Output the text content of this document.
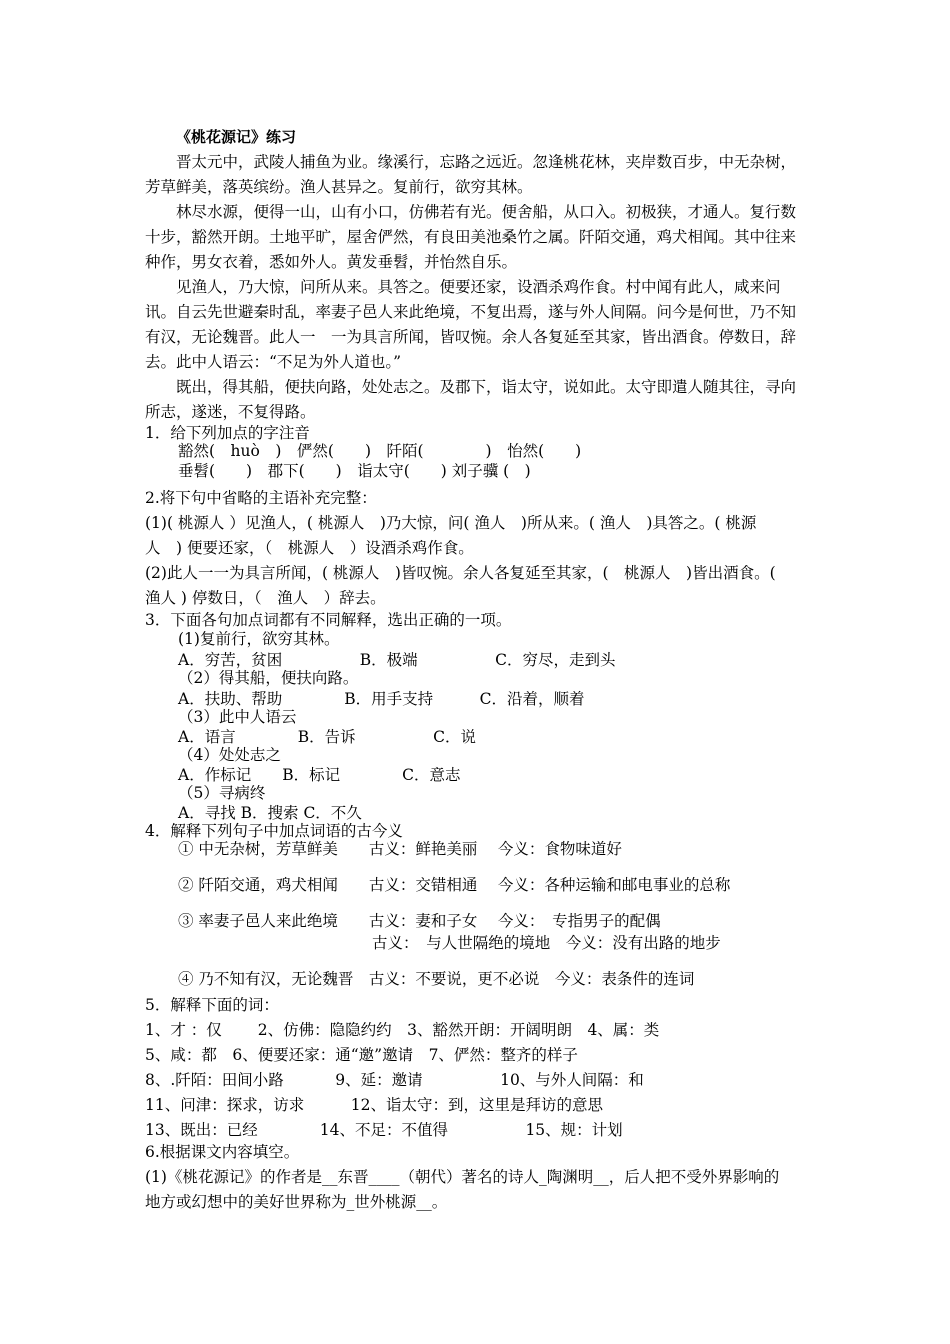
《桃花源记》练习
晋太元中，武陵人捕鱼为业。缘溪行，忘路之远近。忽逢桃花林，夹岸数百步，中无杂树，
芳草鲜美，落英缤纷。渔人甚异之。复前行，欲穷其林。
林尽水源，便得一山，山有小口，仿佛若有光。便舍船，从口入。初极狭，才通人。复行数
十步，豁然开朗。土地平旷，屋舍俨然，有良田美池桑竹之属。阡陌交通，鸡犬相闻。其中往来
种作，男女衣着，悉如外人。黄发垂髫，并怡然自乐。
见渔人，乃大惊，问所从来。具答之。便要还家，设酒杀鸡作食。村中闻有此人，咸来问
讯。自云先世避秦时乱，率妻子邑人来此绝境，不复出焉，遂与外人间隔。问今是何世，乃不知
有汉，无论魏晋。此人一　一为具言所闻，皆叹惋。余人各复延至其家，皆出酒食。停数日，辞
去。此中人语云：“不足为外人道也。”
既出，得其船，便扶向路，处处志之。及郡下，诣太守，说如此。太守即遣人随其往，寻向
所志，遂迷，不复得路。
1．给下列加点的字注音
豁然(　huò　)　俨然(　　)　阡陌(　　　　)　怡然(　　)
垂髫(　　)　郡下(　　)　诣太守(　　) 刘子骥 (　)
2.将下句中省略的主语补充完整：
(1)( 桃源人 ）见渔人，( 桃源人　)乃大惊，问( 渔人　)所从来。( 渔人　)具答之。( 桃源
人　) 便要还家，（　桃源人　）设酒杀鸡作食。
(2)此人一一为具言所闻，( 桃源人　)皆叹惋。余人各复延至其家，(　桃源人　)皆出酒食。(
渔人 ) 停数日，（　渔人　）辞去。
3．下面各句加点词都有不同解释，选出正确的一项。
(1)复前行，欲穷其林。
A．穷苦，贫困　　　　　B．极端　　　　　C．穷尽，走到头
（2）得其船，便扶向路。
A．扶助、帮助　　　　B．用手支持　　　C．沿着，顺着
（3）此中人语云
A．语言　　　　B．告诉　　　　　C．说
（4）处处志之
A．作标记　　B．标记　　　　C．意志
（5）寻病终
A．寻找 B．搜索 C．不久
4．解释下列句子中加点词语的古今义
① 中无杂树，芳草鲜美　　古义：鲜艳美丽　 今义：食物味道好
② 阡陌交通，鸡犬相闻　　古义：交错相通　 今义：各种运输和邮电事业的总称
③ 率妻子邑人来此绝境　　古义：妻和子女　 今义：　专指男子的配偶
古义：　与人世隔绝的境地　今义：没有出路的地步
④ 乃不知有汉，无论魏晋　古义：不要说，更不必说　今义：表条件的连词
5．解释下面的词：
1、才 ：仅　　 2、仿佛：隐隐约约　3、豁然开朗：开阔明朗　4、属：类
5、咸：都　6、便要还家：通“邀”邀请　7、俨然：整齐的样子
8、.阡陌：田间小路　　　 9、延：邀请　　　　　10、与外人间隔：和
11、问津：探求，访求　　　12、诣太守：到，这里是拜访的意思
13、既出：已经　　　　14、不足：不值得　　　　　15、规：计划
6.根据课文内容填空。
(1)《桃花源记》的作者是__东晋____（朝代）著名的诗人_陶渊明__，后人把不受外界影响的
地方或幻想中的美好世界称为_世外桃源__。
